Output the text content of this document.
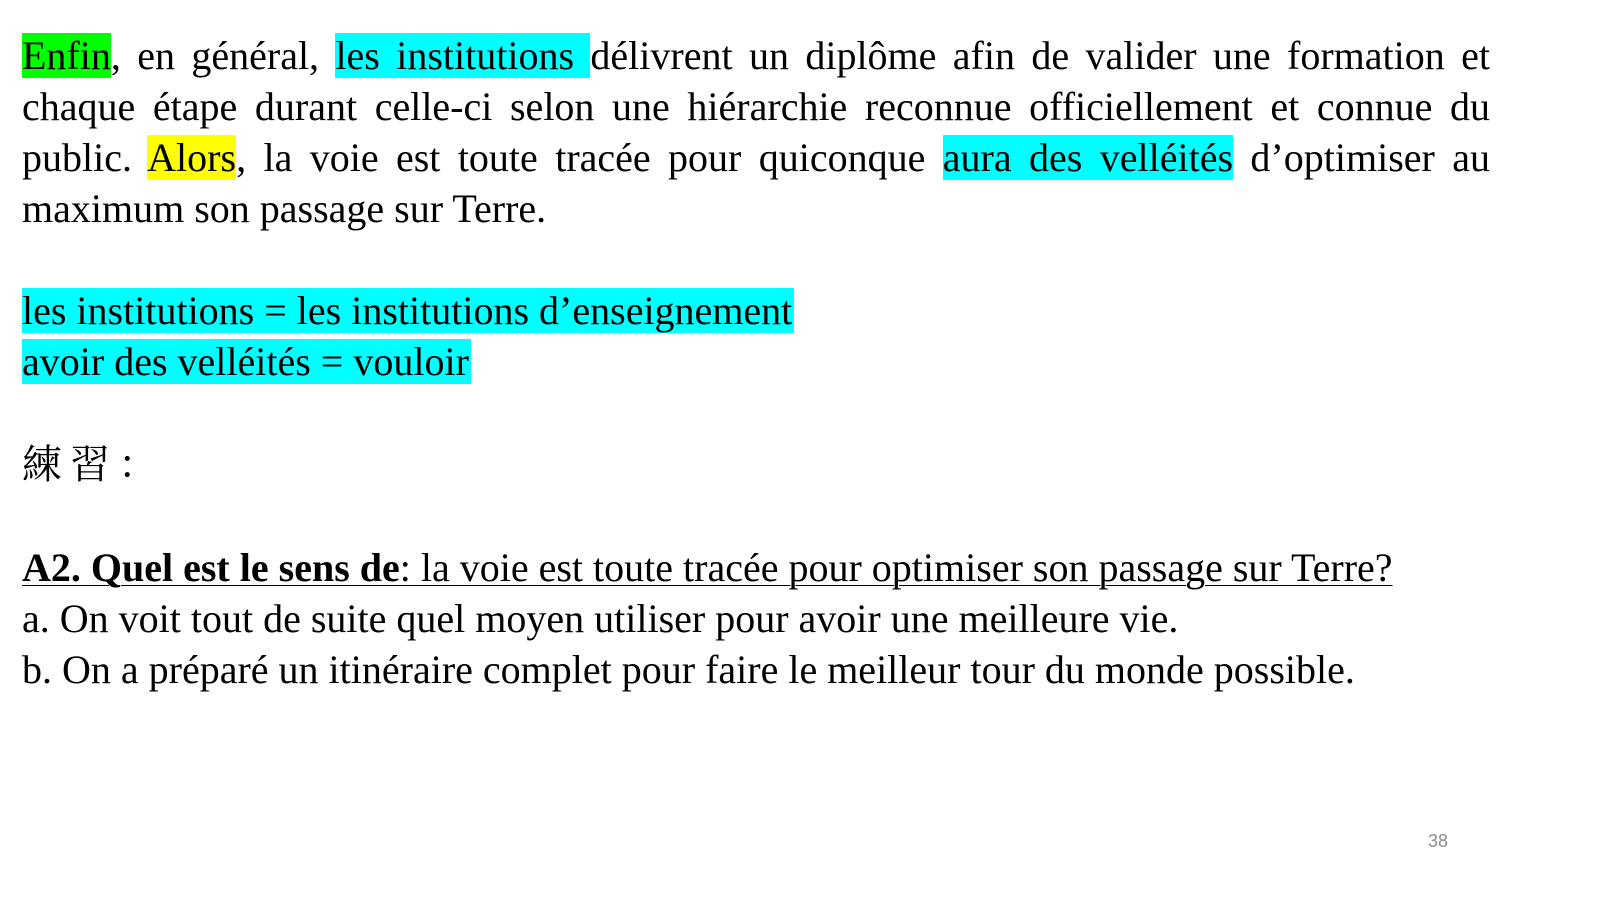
Enfin, en général, les institutions délivrent un diplôme afin de valider une formation et chaque étape durant celle-ci selon une hiérarchie reconnue officiellement et connue du public. Alors, la voie est toute tracée pour quiconque aura des velléités d’optimiser au maximum son passage sur Terre.

les institutions = les institutions d’enseignement
avoir des velléités = vouloir
練習：
A2. Quel est le sens de: la voie est toute tracée pour optimiser son passage sur Terre?
a. On voit tout de suite quel moyen utiliser pour avoir une meilleure vie.
b. On a préparé un itinéraire complet pour faire le meilleur tour du monde possible.
38
